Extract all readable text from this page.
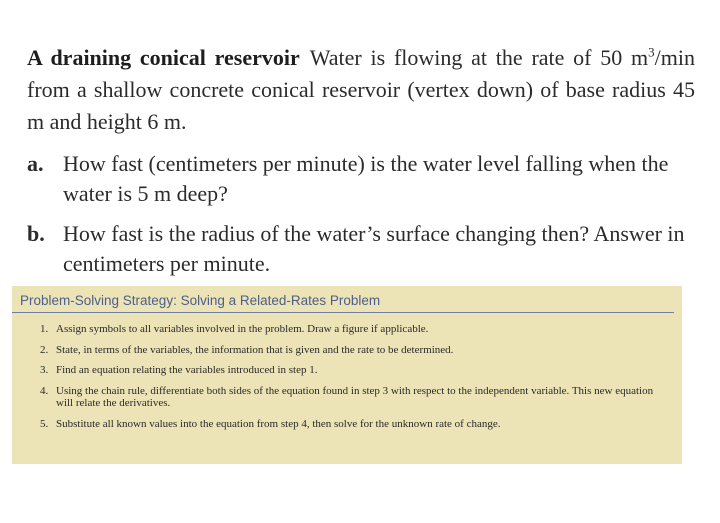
A draining conical reservoir Water is flowing at the rate of 50 $m^3/\min$ from a shallow concrete conical reservoir (vertex down) of base radius 45 m and height 6 m.

a. How fast (centimeters per minute) is the water level falling when the water is 5 m deep?

b. How fast is the radius of the water’s surface changing then? Answer in centimeters per minute.

Problem-Solving Strategy: Solving a Related-Rates Problem
1. Assign symbols to all variables involved in the problem. Draw a figure if applicable.
2. State, in terms of the variables, the information that is given and the rate to be determined.
3. Find an equation relating the variables introduced in step 1.
4. Using the chain rule, differentiate both sides of the equation found in step 3 with respect to the independent variable. This new equation will relate the derivatives.
5. Substitute all known values into the equation from step 4, then solve for the unknown rate of change.
